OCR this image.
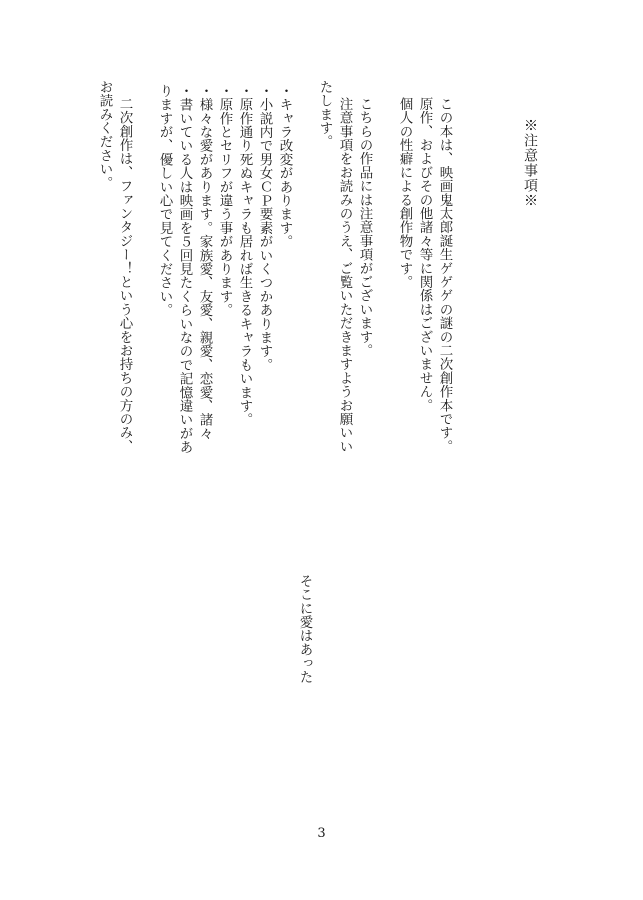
※注意事項※
この本は、映画鬼太郎誕生ゲゲゲの謎の二次創作本です。
原作、およびその他諸々等に関係はございません。
個人の性癖による創作物です。
こちらの作品には注意事項がございます。
注意事項をお読みのうえ、ご覧いただきますようお願いい
たします。
・キャラ改変があります。
・小説内で男女ＣＰ要素がいくつかあります。
・原作通り死ぬキャラも居れば生きるキャラもいます。
・原作とセリフが違う事があります。
・様々な愛があります。家族愛、友愛、親愛、恋愛、諸々
・書いている人は映画を５回見たくらいなので記憶違いがあ
りますが、優しい心で見てください。
二次創作は、ファンタジー！という心をお持ちの方のみ、
お読みください。
そこに愛はあった
3
